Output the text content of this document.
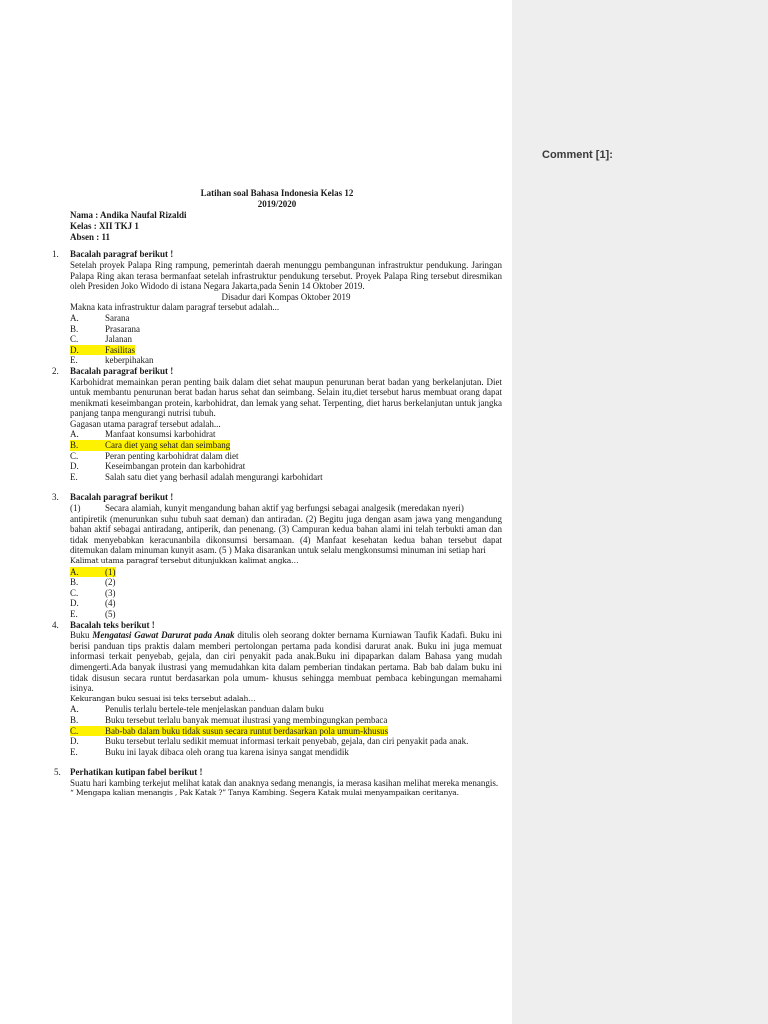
Latihan soal Bahasa Indonesia Kelas 12
2019/2020
Nama : Andika Naufal Rizaldi
Kelas : XII TKJ 1
Absen : 11
1. Bacalah paragraf berikut !
Setelah proyek Palapa Ring rampung, pemerintah daerah menunggu pembangunan infrastruktur pendukung. Jaringan Palapa Ring akan terasa bermanfaat setelah infrastruktur pendukung tersebut. Proyek Palapa Ring tersebut diresmikan oleh Presiden Joko Widodo di istana Negara Jakarta,pada Senin 14 Oktober 2019.
Disadur dari Kompas Oktober 2019
Makna kata infrastruktur dalam paragraf tersebut adalah...
A.	Sarana
B.	Prasarana
C.	Jalanan
D.	Fasilitas
E.	keberpihakan
2. Bacalah paragraf berikut !
Karbohidrat memainkan peran penting baik dalam diet sehat maupun penurunan berat badan yang berkelanjutan. Diet untuk membantu penurunan berat badan harus sehat dan seimbang. Selain itu,diet tersebut harus membuat orang dapat menikmati keseimbangan protein, karbohidrat, dan lemak yang sehat. Terpenting, diet harus berkelanjutan untuk jangka panjang tanpa mengurangi nutrisi tubuh.
Gagasan utama paragraf tersebut adalah...
A.	Manfaat konsumsi karbohidrat
B.	Cara diet yang sehat dan seimbang
C.	Peran penting karbohidrat dalam diet
D.	Keseimbangan protein dan karbohidrat
E.	Salah satu diet yang berhasil adalah mengurangi karbohidart
3. Bacalah paragraf berikut !
(1)	Secara alamiah, kunyit mengandung bahan aktif yag berfungsi sebagai analgesik (meredakan nyeri)
antipiretik (menurunkan suhu tubuh saat deman) dan antiradan. (2) Begitu juga dengan asam jawa yang mengandung bahan aktif sebagai antiradang, antiperik, dan penenang. (3) Campuran kedua bahan alami ini telah terbukti aman dan tidak menyebabkan keracunanbila dikonsumsi bersamaan. (4) Manfaat kesehatan kedua bahan tersebut dapat ditemukan dalam minuman kunyit asam. (5 ) Maka disarankan untuk selalu mengkonsumsi minuman ini setiap hari
Kalimat utama paragraf tersebut ditunjukkan kalimat angka…
A.	(1)
B.	(2)
C.	(3)
D.	(4)
E.	(5)
4. Bacalah teks berikut !
Buku Mengatasi Gawat Darurat pada Anak ditulis oleh seorang dokter bernama Kurniawan Taufik Kadafi. Buku ini berisi panduan tips praktis dalam memberi pertolongan pertama pada kondisi darurat anak. Buku ini juga memuat informasi terkait penyebab, gejala, dan ciri penyakit pada anak.Buku ini dipaparkan dalam Bahasa yang mudah dimengerti.Ada banyak ilustrasi yang memudahkan kita dalam pemberian tindakan pertama. Bab bab dalam buku ini tidak disusun secara runtut berdasarkan pola umum- khusus sehingga membuat pembaca kebingungan memahami isinya.
Kekurangan buku sesuai isi teks tersebut adalah…
A.	Penulis terlalu bertele-tele menjelaskan panduan dalam buku
B.	Buku tersebut terlalu banyak memuat ilustrasi yang membingungkan pembaca
C.	Bab-bab dalam buku tidak susun secara runtut berdasarkan pola umum-khusus
D.	Buku tersebut terlalu sedikit memuat informasi terkait penyebab, gejala, dan ciri penyakit pada anak.
E.	Buku ini layak dibaca oleh orang tua karena isinya sangat mendidik
5. Perhatikan kutipan fabel berikut !
Suatu hari kambing terkejut melihat katak dan anaknya sedang menangis, ia merasa kasihan melihat mereka menangis.
“ Mengapa kalian menangis , Pak Katak ?” Tanya Kambing. Segera Katak mulai menyampaikan ceritanya.
Comment [1]:
